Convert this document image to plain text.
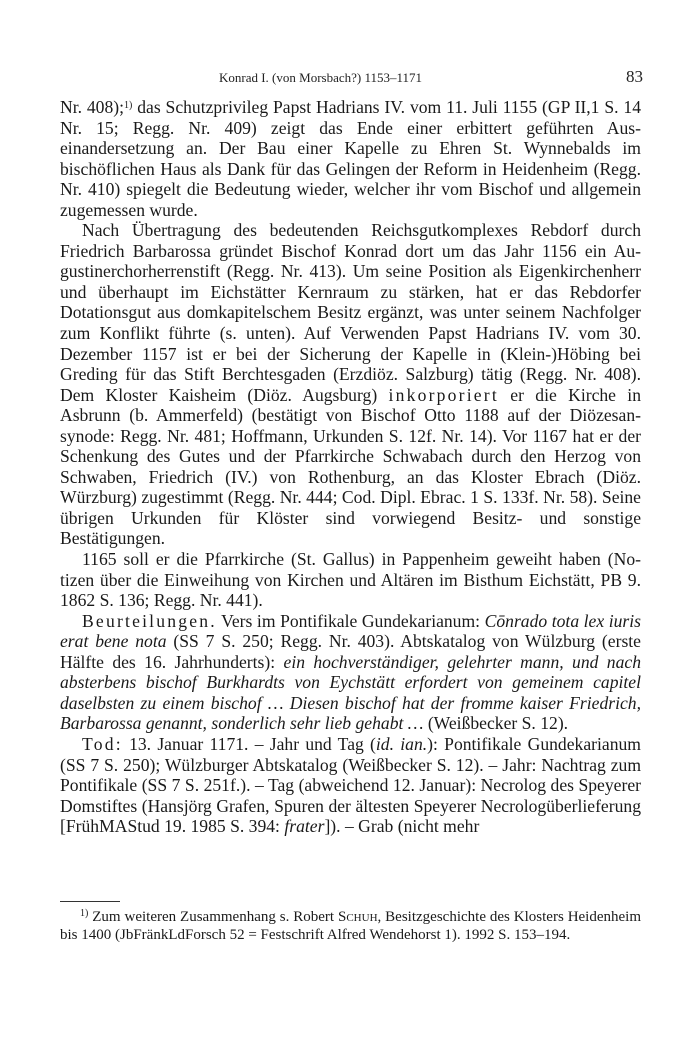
Konrad I. (von Morsbach?) 1153–1171	83

Nr. 408);$^{1)}$ das Schutzprivileg Papst Hadrians IV. vom 11. Juli 1155 (GP II,1 S. 14 Nr. 15; Regg. Nr. 409) zeigt das Ende einer erbittert geführten Auseinandersetzung an. Der Bau einer Kapelle zu Ehren St. Wynnebalds im bischöflichen Haus als Dank für das Gelingen der Reform in Heidenheim (Regg. Nr. 410) spiegelt die Bedeutung wieder, welcher ihr vom Bischof und allgemein zugemessen wurde.

Nach Übertragung des bedeutenden Reichsgutkomplexes Rebdorf durch Friedrich Barbarossa gründet Bischof Konrad dort um das Jahr 1156 ein Augustinerchorherrenstift (Regg. Nr. 413). Um seine Position als Eigenkirchenherr und überhaupt im Eichstätter Kernraum zu stärken, hat er das Rebdorfer Dotationsgut aus domkapitelschem Besitz ergänzt, was unter seinem Nachfolger zum Konflikt führte (s. unten). Auf Verwenden Papst Hadrians IV. vom 30. Dezember 1157 ist er bei der Sicherung der Kapelle in (Klein-)Höbing bei Greding für das Stift Berchtesgaden (Erzdiöz. Salzburg) tätig (Regg. Nr. 408). Dem Kloster Kaisheim (Diöz. Augsburg) inkorporiert er die Kirche in Asbrunn (b. Ammerfeld) (bestätigt von Bischof Otto 1188 auf der Diözesansynode: Regg. Nr. 481; Hoffmann, Urkunden S. 12f. Nr. 14). Vor 1167 hat er der Schenkung des Gutes und der Pfarrkirche Schwabach durch den Herzog von Schwaben, Friedrich (IV.) von Rothenburg, an das Kloster Ebrach (Diöz. Würzburg) zugestimmt (Regg. Nr. 444; Cod. Dipl. Ebrac. 1 S. 133f. Nr. 58). Seine übrigen Urkunden für Klöster sind vorwiegend Besitz- und sonstige Bestätigungen.

1165 soll er die Pfarrkirche (St. Gallus) in Pappenheim geweiht haben (Notizen über die Einweihung von Kirchen und Altären im Bisthum Eichstätt, PB 9. 1862 S. 136; Regg. Nr. 441).

Beurteilungen. Vers im Pontifikale Gundekarianum: Cōnrado tota lex iuris erat bene nota (SS 7 S. 250; Regg. Nr. 403). Abtskatalog von Wülzburg (erste Hälfte des 16. Jahrhunderts): ein hochverständiger, gelehrter mann, und nach absterbens bischof Burkhardts von Eychstätt erfordert von gemeinem capitel daselbsten zu einem bischof … Diesen bischof hat der fromme kaiser Friedrich, Barbarossa genannt, sonderlich sehr lieb gehabt … (Weißbecker S. 12).

Tod: 13. Januar 1171. – Jahr und Tag (id. ian.): Pontifikale Gundekarianum (SS 7 S. 250); Wülzburger Abtskatalog (Weißbecker S. 12). – Jahr: Nachtrag zum Pontifikale (SS 7 S. 251f.). – Tag (abweichend 12. Januar): Necrolog des Speyerer Domstiftes (Hansjörg Grafen, Spuren der ältesten Speyerer Necrologüberlieferung [FrühMAStud 19. 1985 S. 394: frater]). – Grab (nicht mehr

$^{1)}$ Zum weiteren Zusammenhang s. Robert Schuh, Besitzgeschichte des Klosters Heidenheim bis 1400 (JbFränkLdForsch 52 = Festschrift Alfred Wendehorst 1). 1992 S. 153–194.
